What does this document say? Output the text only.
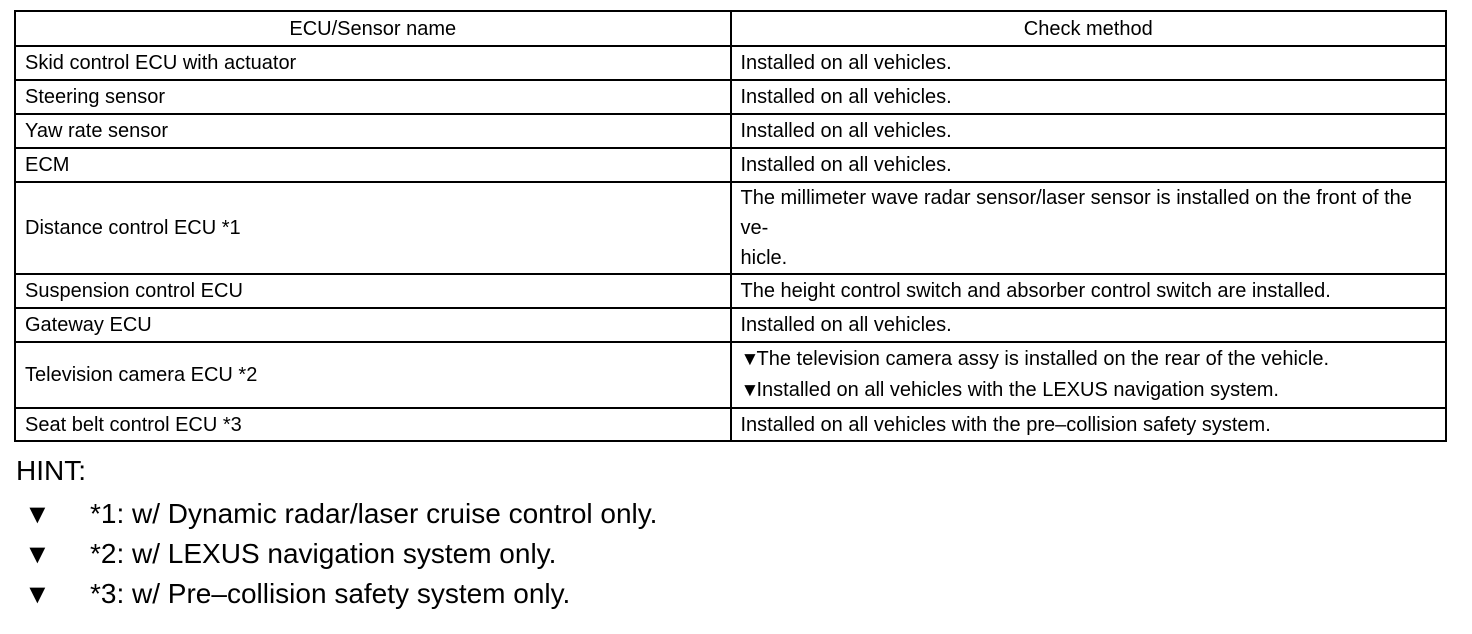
ECU/Sensor name	Check method
Skid control ECU with actuator	Installed on all vehicles.
Steering sensor	Installed on all vehicles.
Yaw rate sensor	Installed on all vehicles.
ECM	Installed on all vehicles.
Distance control ECU *1	The millimeter wave radar sensor/laser sensor is installed on the front of the ve-
hicle.

Suspension control ECU	The height control switch and absorber control switch are installed.
Gateway ECU	Installed on all vehicles.
Television camera ECU *2	▼The television camera assy is installed on the rear of the vehicle.
▼Installed on all vehicles with the LEXUS navigation system.

Seat belt control ECU *3	Installed on all vehicles with the pre–collision safety system.
HINT:
▼ *1: w/ Dynamic radar/laser cruise control only.
▼ *2: w/ LEXUS navigation system only.
▼ *3: w/ Pre–collision safety system only.
